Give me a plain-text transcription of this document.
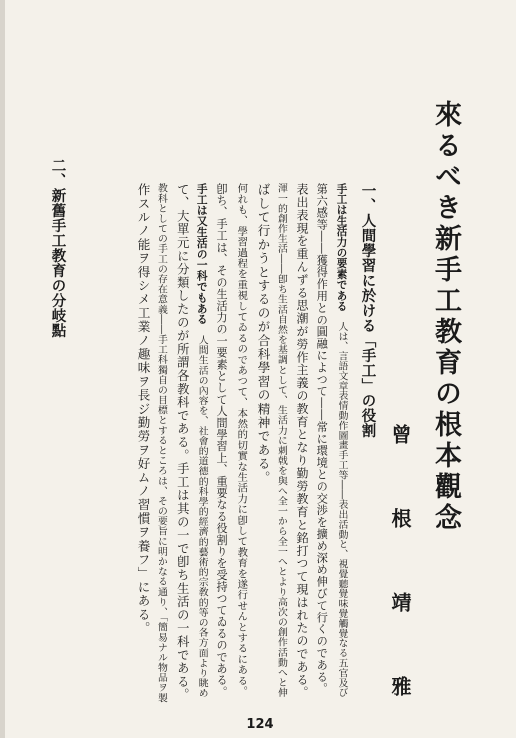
來るべき新手工教育の根本觀念
曾　根　靖　雅
一、人間學習に於ける「手工」の役割
手工は生活力の要素である　人は、言語文章表情動作圖畫手工等――表出活動と、視覺聽覺味覺觸覺なる五官及び
第六感等――獲得作用との圓融によつて――常に環境との交渉を擴め深め伸びて行くのである。
表出表現を重んずる思潮が勞作主義の教育となり勤勞教育と銘打つて現はれたのである。
渾一的創作生活――卽ち生活自然を基調として、生活力に刺戟を與へ全一から全一へとより高次の創作活動へと伸
ばして行かうとするのが合科學習の精神である。
何れも、學習過程を重視してゐるのであつて、本然的切實な生活力に卽して教育を遂行せんとするにある。
卽ち、手工は、その生活力の一要素として人間學習上、重要なる役割りを受持つてゐるのである。
手工は又生活の一科でもある　人間生活の內容を、社會的道德的科學的經濟的藝術的宗敎的等の各方面より眺め
て、大單元に分類したのが所謂各教科である。手工は其の一で卽ち生活の一科である。
教科としての手工の存在意義――手工科獨自の目標とするところは、その要旨に明かなる通り、「簡易ナル物品ヲ製
作スルノ能ヲ得シメ工業ノ趣味ヲ長ジ勤勞ヲ好ムノ習慣ヲ養フ」にある。
二、新舊手工教育の分岐點
124
